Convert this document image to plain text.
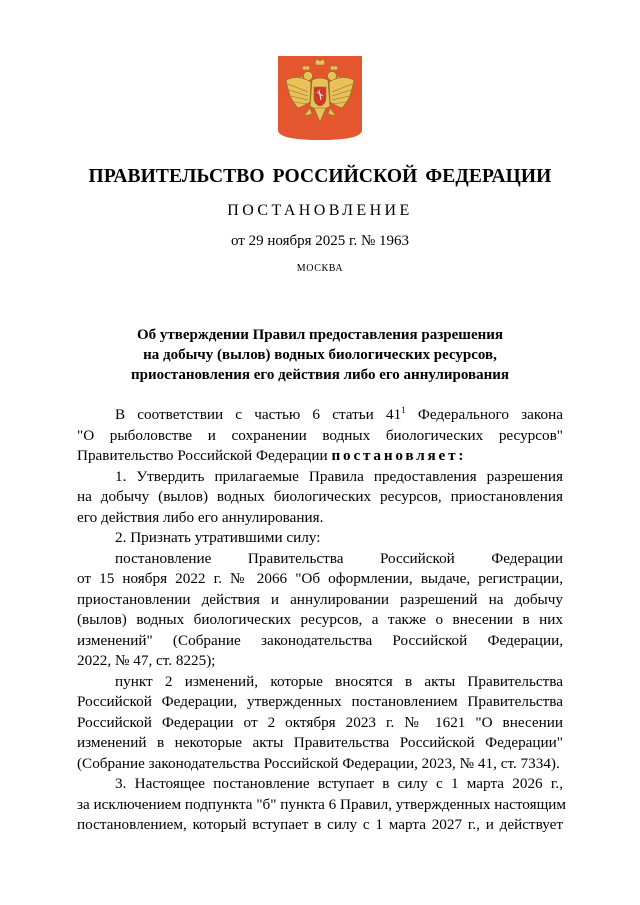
ПРАВИТЕЛЬСТВО РОССИЙСКОЙ ФЕДЕРАЦИИ
ПОСТАНОВЛЕНИЕ
от 29 ноября 2025 г. № 1963
МОСКВА
Об утверждении Правил предоставления разрешения
на добычу (вылов) водных биологических ресурсов,
приостановления его действия либо его аннулирования
В соответствии с частью 6 статьи $41^1$ Федерального закона
"О рыболовстве и сохранении водных биологических ресурсов"
Правительство Российской Федерации постановляет:
1. Утвердить прилагаемые Правила предоставления разрешения
на добычу (вылов) водных биологических ресурсов, приостановления
его действия либо его аннулирования.
2. Признать утратившими силу:
постановление Правительства Российской Федерации
от 15 ноября 2022 г. № 2066 "Об оформлении, выдаче, регистрации,
приостановлении действия и аннулировании разрешений на добычу
(вылов) водных биологических ресурсов, а также о внесении в них
изменений" (Собрание законодательства Российской Федерации,
2022, № 47, ст. 8225);
пункт 2 изменений, которые вносятся в акты Правительства
Российской Федерации, утвержденных постановлением Правительства
Российской Федерации от 2 октября 2023 г. № 1621 "О внесении
изменений в некоторые акты Правительства Российской Федерации"
(Собрание законодательства Российской Федерации, 2023, № 41, ст. 7334).
3. Настоящее постановление вступает в силу с 1 марта 2026 г.,
за исключением подпункта "б" пункта 6 Правил, утвержденных настоящим
постановлением, который вступает в силу с 1 марта 2027 г., и действует
